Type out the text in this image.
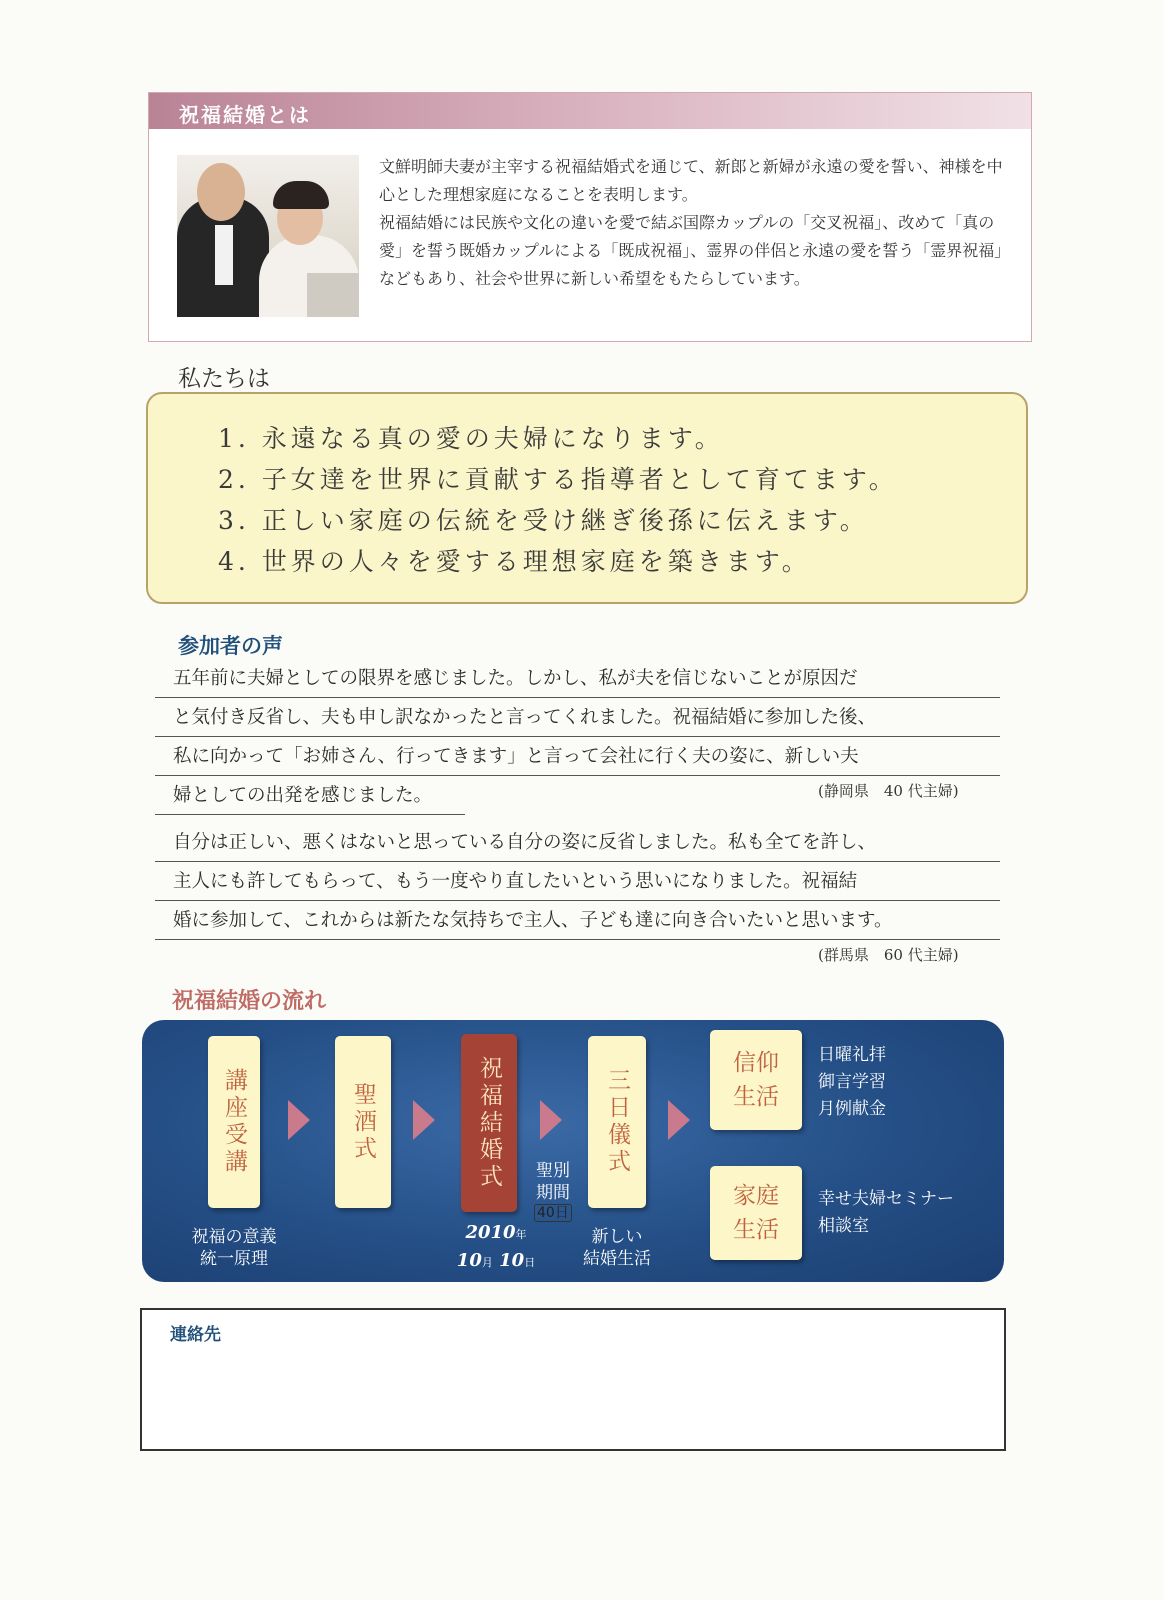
祝福結婚とは

文鮮明師夫妻が主宰する祝福結婚式を通じて、新郎と新婦が永遠の愛を誓い、神様を中心とした理想家庭になることを表明します。

祝福結婚には民族や文化の違いを愛で結ぶ国際カップルの「交叉祝福」、改めて「真の愛」を誓う既婚カップルによる「既成祝福」、霊界の伴侶と永遠の愛を誓う「霊界祝福」などもあり、社会や世界に新しい希望をもたらしています。

私たちは
1. 永遠なる真の愛の夫婦になります。
2. 子女達を世界に貢献する指導者として育てます。
3. 正しい家庭の伝統を受け継ぎ後孫に伝えます。
4. 世界の人々を愛する理想家庭を築きます。
参加者の声
五年前に夫婦としての限界を感じました。しかし、私が夫を信じないことが原因だ
と気付き反省し、夫も申し訳なかったと言ってくれました。祝福結婚に参加した後、
私に向かって「お姉さん、行ってきます」と言って会社に行く夫の姿に、新しい夫
婦としての出発を感じました。	(静岡県　40 代主婦)
自分は正しい、悪くはないと思っている自分の姿に反省しました。私も全てを許し、
主人にも許してもらって、もう一度やり直したいという思いになりました。祝福結
婚に参加して、これからは新たな気持ちで主人、子ども達に向き合いたいと思います。
(群馬県　60 代主婦)
祝福結婚の流れ
講座受講	聖酒式	祝福結婚式	三日儀式
信仰
生活
家庭
生活
祝福の意義
統一原理
聖別
期間
40日
新しい
結婚生活
2010年
10月 10日
日曜礼拝
御言学習
月例献金
幸せ夫婦セミナー
相談室
連絡先
